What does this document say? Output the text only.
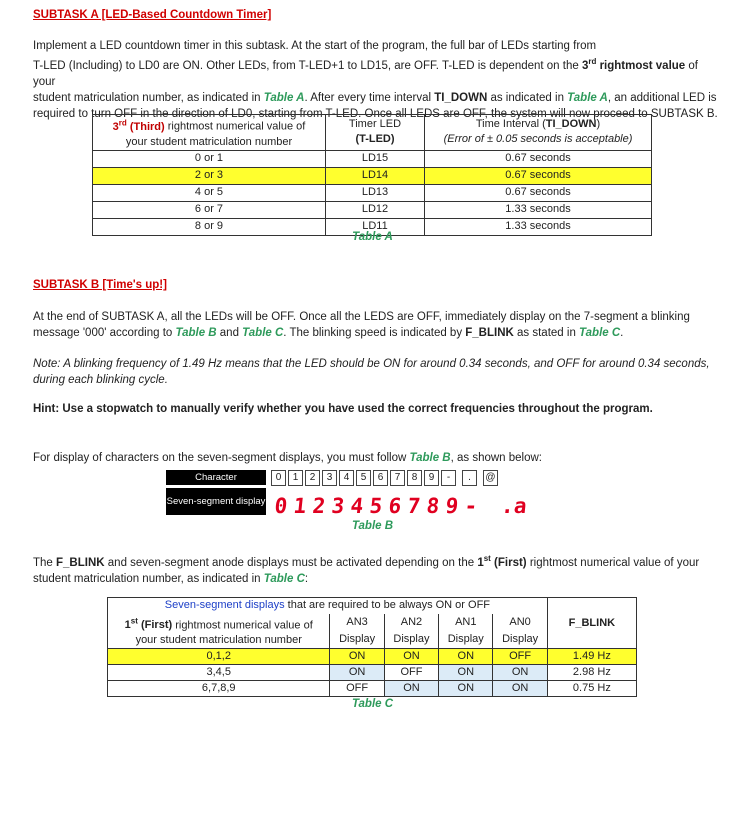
SUBTASK A [LED-Based Countdown Timer]
Implement a LED countdown timer in this subtask. At the start of the program, the full bar of LEDs starting from
T-LED (Including) to LD0 are ON. Other LEDs, from T-LED+1 to LD15, are OFF. T-LED is dependent on the 3rd rightmost value of your
student matriculation number, as indicated in Table A. After every time interval TI_DOWN as indicated in Table A, an additional LED is
required to turn OFF in the direction of LD0, starting from T-LED. Once all LEDS are OFF, the system will now proceed to SUBTASK B.
3rd (Third) rightmost numerical value of
your student matriculation number	Timer LED
(T-LED)	Time Interval (TI_DOWN)
(Error of ± 0.05 seconds is acceptable)
0 or 1	LD15	0.67 seconds
2 or 3	LD14	0.67 seconds
4 or 5	LD13	0.67 seconds
6 or 7	LD12	1.33 seconds
8 or 9	LD11	1.33 seconds
Table A
SUBTASK B [Time's up!]
At the end of SUBTASK A, all the LEDs will be OFF. Once all the LEDS are OFF, immediately display on the 7-segment a blinking
message '000' according to Table B and Table C. The blinking speed is indicated by F_BLINK as stated in Table C.
Note: A blinking frequency of 1.49 Hz means that the LED should be ON for around 0.34 seconds, and OFF for around 0.34 seconds,
during each blinking cycle.
Hint: Use a stopwatch to manually verify whether you have used the correct frequencies throughout the program.
For display of characters on the seven-segment displays, you must follow Table B, as shown below:
Character	0 1 2 3 4 5 6 7 8 9 - . @
Seven-segment display 0 1 2 3 4 5 6 7 8 9 - .a
Table B
The F_BLINK and seven-segment anode displays must be activated depending on the 1st (First) rightmost numerical value of your
student matriculation number, as indicated in Table C:
Seven-segment displays that are required to be always ON or OFF					F_BLINK
1st (First) rightmost numerical value of
your student matriculation number	AN3	AN2	AN1	AN0	
	Display	Display	Display	Display	
0,1,2	ON	ON	ON	OFF	1.49 Hz
3,4,5	ON	OFF	ON	ON	2.98 Hz
6,7,8,9	OFF	ON	ON	ON	0.75 Hz
Table C
